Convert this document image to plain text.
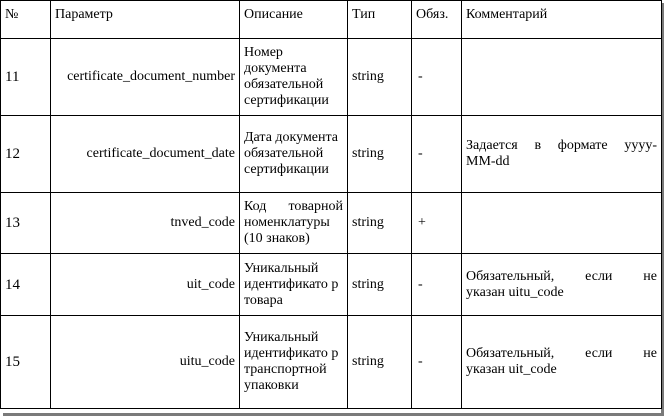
№	Параметр	Описание	Тип	Обяз.	Комментарий
11	certificate_document_number	Номер документа обязательной сертификации	string	-	

12	certificate_document_date	Дата документа обязательной сертификации	string	-	Задается в формате уууу-
ММ-dd

13	tnved_code	Код товарной номенклатуры (10 знаков)	string	+	

14	uit_code	Уникальный идентификато р товара	string	-	Обязательный, если не
указан uitu_code

15	uitu_code	Уникальный идентификато р транспортной упаковки	string	-	Обязательный, если не
указан uit_code
